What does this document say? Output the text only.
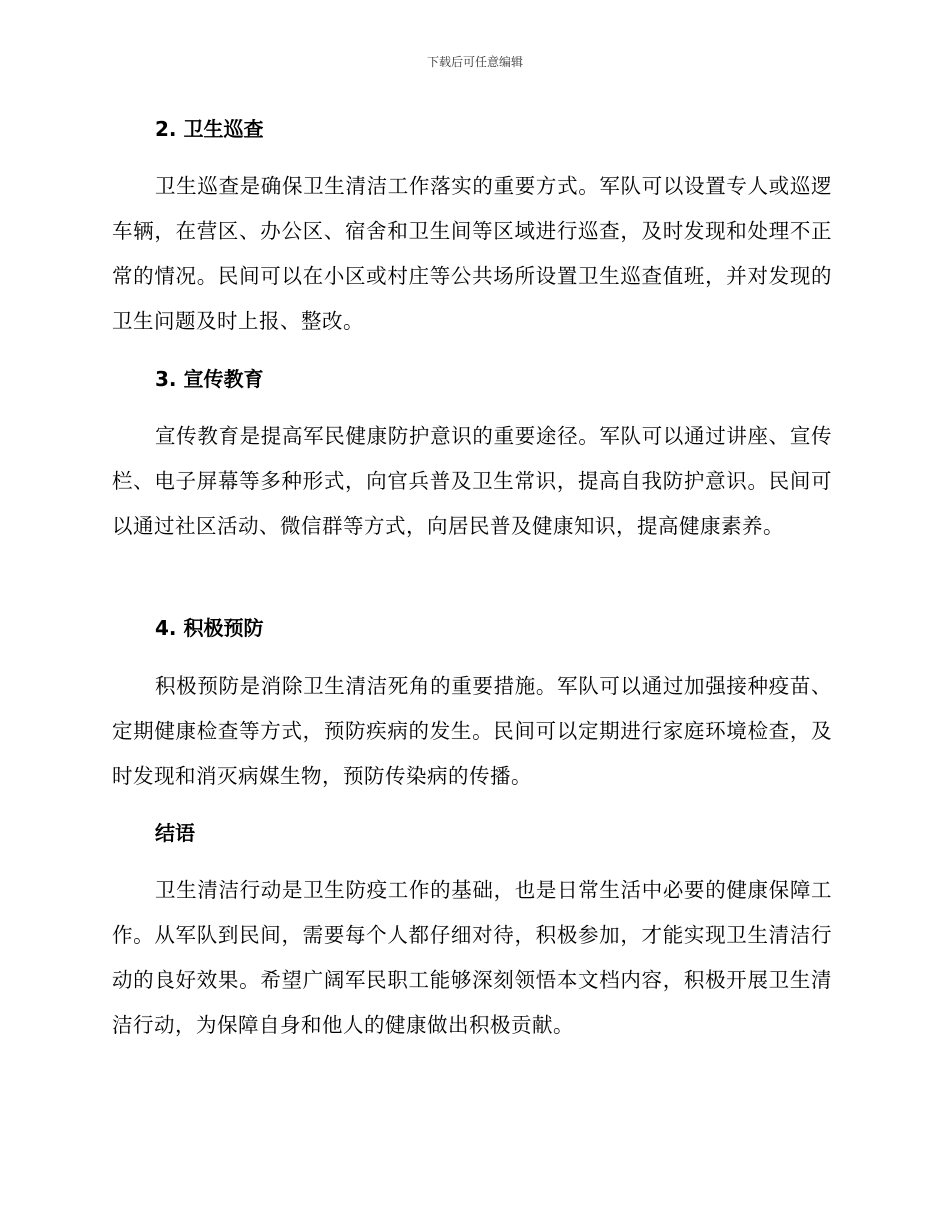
下载后可任意编辑
2. 卫生巡查
卫生巡查是确保卫生清洁工作落实的重要方式。军队可以设置专人或巡逻车辆，在营区、办公区、宿舍和卫生间等区域进行巡查，及时发现和处理不正常的情况。民间可以在小区或村庄等公共场所设置卫生巡查值班，并对发现的卫生问题及时上报、整改。
3. 宣传教育
宣传教育是提高军民健康防护意识的重要途径。军队可以通过讲座、宣传栏、电子屏幕等多种形式，向官兵普及卫生常识，提高自我防护意识。民间可以通过社区活动、微信群等方式，向居民普及健康知识，提高健康素养。
4. 积极预防
积极预防是消除卫生清洁死角的重要措施。军队可以通过加强接种疫苗、定期健康检查等方式，预防疾病的发生。民间可以定期进行家庭环境检查，及时发现和消灭病媒生物，预防传染病的传播。
结语
卫生清洁行动是卫生防疫工作的基础，也是日常生活中必要的健康保障工作。从军队到民间，需要每个人都仔细对待，积极参加，才能实现卫生清洁行动的良好效果。希望广阔军民职工能够深刻领悟本文档内容，积极开展卫生清洁行动，为保障自身和他人的健康做出积极贡献。
